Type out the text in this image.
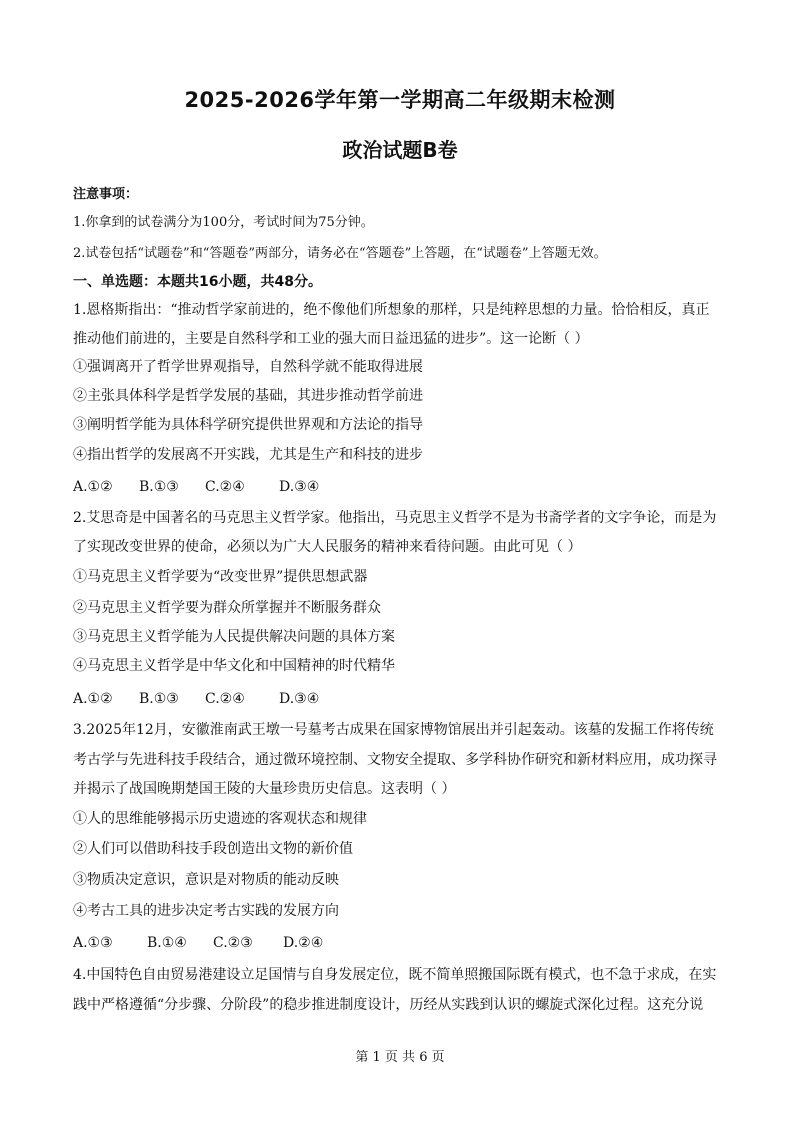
2025-2026学年第一学期高二年级期末检测
政治试题B卷
注意事项：
1.你拿到的试卷满分为100分，考试时间为75分钟。
2.试卷包括“试题卷”和“答题卷”两部分，请务必在“答题卷”上答题，在“试题卷”上答题无效。
一、单选题：本题共16小题，共48分。
1.恩格斯指出：“推动哲学家前进的，绝不像他们所想象的那样，只是纯粹思想的力量。恰恰相反，真正
推动他们前进的，主要是自然科学和工业的强大而日益迅猛的进步”。这一论断（ ）
①强调离开了哲学世界观指导，自然科学就不能取得进展
②主张具体科学是哲学发展的基础，其进步推动哲学前进
③阐明哲学能为具体科学研究提供世界观和方法论的指导
④指出哲学的发展离不开实践，尤其是生产和科技的进步
A.①② B.①③ C.②④ D.③④
2.艾思奇是中国著名的马克思主义哲学家。他指出，马克思主义哲学不是为书斋学者的文字争论，而是为
了实现改变世界的使命，必须以为广大人民服务的精神来看待问题。由此可见（ ）
①马克思主义哲学要为“改变世界”提供思想武器
②马克思主义哲学要为群众所掌握并不断服务群众
③马克思主义哲学能为人民提供解决问题的具体方案
④马克思主义哲学是中华文化和中国精神的时代精华
A.①② B.①③ C.②④ D.③④
3.2025年12月，安徽淮南武王墩一号墓考古成果在国家博物馆展出并引起轰动。该墓的发掘工作将传统
考古学与先进科技手段结合，通过微环境控制、文物安全提取、多学科协作研究和新材料应用，成功探寻
并揭示了战国晚期楚国王陵的大量珍贵历史信息。这表明（ ）
①人的思维能够揭示历史遗迹的客观状态和规律
②人们可以借助科技手段创造出文物的新价值
③物质决定意识，意识是对物质的能动反映
④考古工具的进步决定考古实践的发展方向
A.①③ B.①④ C.②③ D.②④
4.中国特色自由贸易港建设立足国情与自身发展定位，既不简单照搬国际既有模式，也不急于求成，在实
践中严格遵循“分步骤、分阶段”的稳步推进制度设计，历经从实践到认识的螺旋式深化过程。这充分说
第 1 页 共 6 页
